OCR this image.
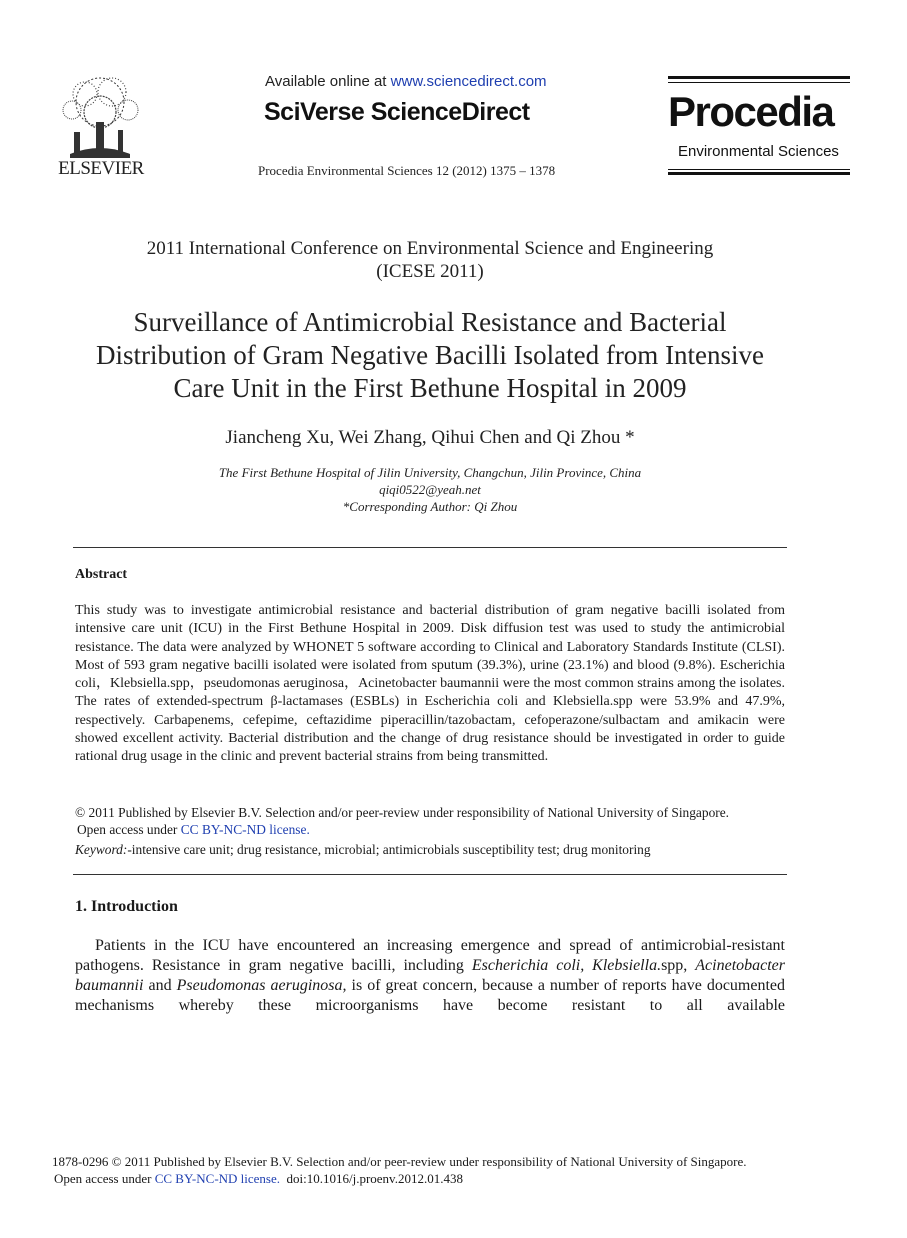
ELSEVIER
Available online at www.sciencedirect.com
SciVerse ScienceDirect
Procedia Environmental Sciences 12 (2012) 1375 – 1378
Procedia
Environmental Sciences
2011 International Conference on Environmental Science and Engineering
(ICESE 2011)
Surveillance of Antimicrobial Resistance and Bacterial
Distribution of Gram Negative Bacilli Isolated from Intensive
Care Unit in the First Bethune Hospital in 2009
Jiancheng Xu, Wei Zhang, Qihui Chen and Qi Zhou *
The First Bethune Hospital of Jilin University, Changchun, Jilin Province, China
qiqi0522@yeah.net
*Corresponding Author: Qi Zhou
Abstract
This study was to investigate antimicrobial resistance and bacterial distribution of gram negative bacilli isolated from intensive care unit (ICU) in the First Bethune Hospital in 2009. Disk diffusion test was used to study the antimicrobial resistance. The data were analyzed by WHONET 5 software according to Clinical and Laboratory Standards Institute (CLSI). Most of 593 gram negative bacilli isolated were isolated from sputum (39.3%), urine (23.1%) and blood (9.8%). Escherichia coli，Klebsiella.spp，pseudomonas aeruginosa，Acinetobacter baumannii were the most common strains among the isolates. The rates of extended-spectrum β-lactamases (ESBLs) in Escherichia coli and Klebsiella.spp were 53.9% and 47.9%, respectively. Carbapenems, cefepime, ceftazidime piperacillin/tazobactam, cefoperazone/sulbactam and amikacin were showed excellent activity. Bacterial distribution and the change of drug resistance should be investigated in order to guide rational drug usage in the clinic and prevent bacterial strains from being transmitted.
© 2011 Published by Elsevier B.V. Selection and/or peer-review under responsibility of National University of Singapore.
Open access under CC BY-NC-ND license.
Keyword:-intensive care unit; drug resistance, microbial; antimicrobials susceptibility test; drug monitoring
1. Introduction
Patients in the ICU have encountered an increasing emergence and spread of antimicrobial-resistant pathogens. Resistance in gram negative bacilli, including Escherichia coli, Klebsiella.spp, Acinetobacter baumannii and Pseudomonas aeruginosa, is of great concern, because a number of reports have documented mechanisms whereby these microorganisms have become resistant to all available
1878-0296 © 2011 Published by Elsevier B.V. Selection and/or peer-review under responsibility of National University of Singapore.
Open access under CC BY-NC-ND license.  doi:10.1016/j.proenv.2012.01.438
